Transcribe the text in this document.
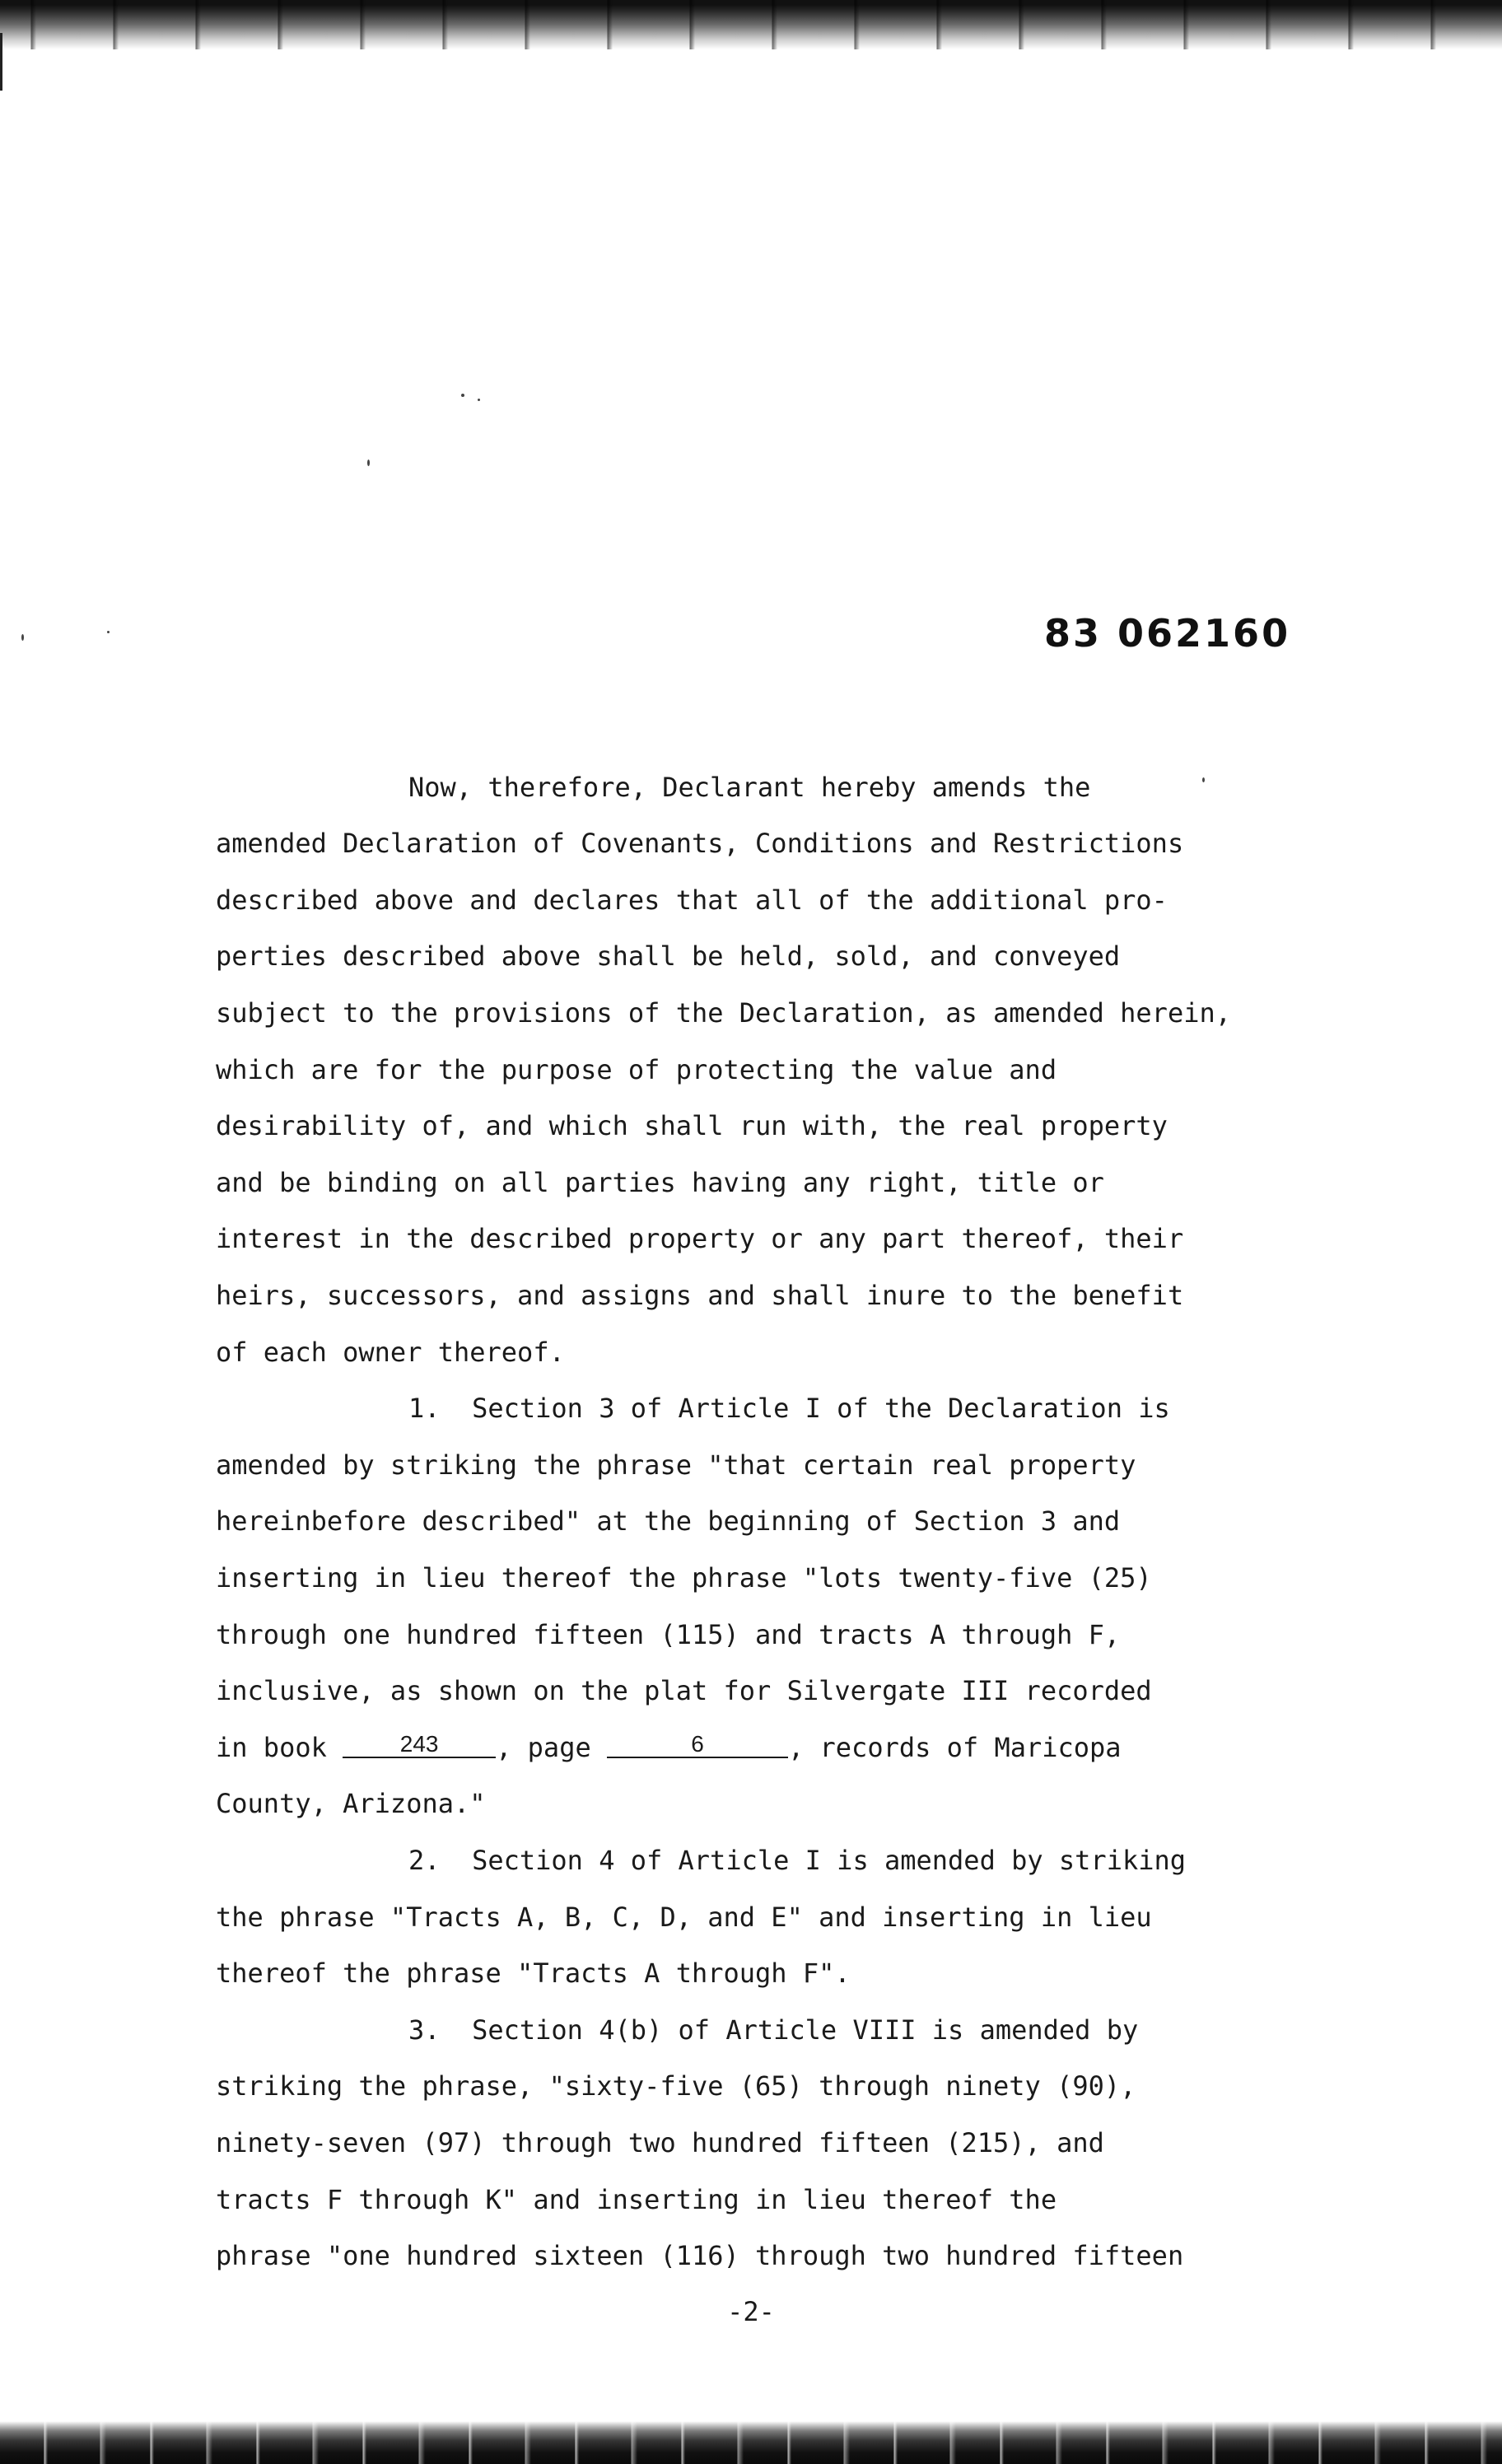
83 062160
Now, therefore, Declarant hereby amends the
amended Declaration of Covenants, Conditions and Restrictions
described above and declares that all of the additional pro-
perties described above shall be held, sold, and conveyed
subject to the provisions of the Declaration, as amended herein,
which are for the purpose of protecting the value and
desirability of, and which shall run with, the real property
and be binding on all parties having any right, title or
interest in the described property or any part thereof, their
heirs, successors, and assigns and shall inure to the benefit
of each owner thereof.
1.  Section 3 of Article I of the Declaration is
amended by striking the phrase "that certain real property
hereinbefore described" at the beginning of Section 3 and
inserting in lieu thereof the phrase "lots twenty-five (25)
through one hundred fifteen (115) and tracts A through F,
inclusive, as shown on the plat for Silvergate III recorded
in book 243 , page	6	, records of Maricopa
County, Arizona."
2.  Section 4 of Article I is amended by striking
the phrase "Tracts A, B, C, D, and E" and inserting in lieu
thereof the phrase "Tracts A through F".
3.  Section 4(b) of Article VIII is amended by
striking the phrase, "sixty-five (65) through ninety (90),
ninety-seven (97) through two hundred fifteen (215), and
tracts F through K" and inserting in lieu thereof the
phrase "one hundred sixteen (116) through two hundred fifteen
-2-
